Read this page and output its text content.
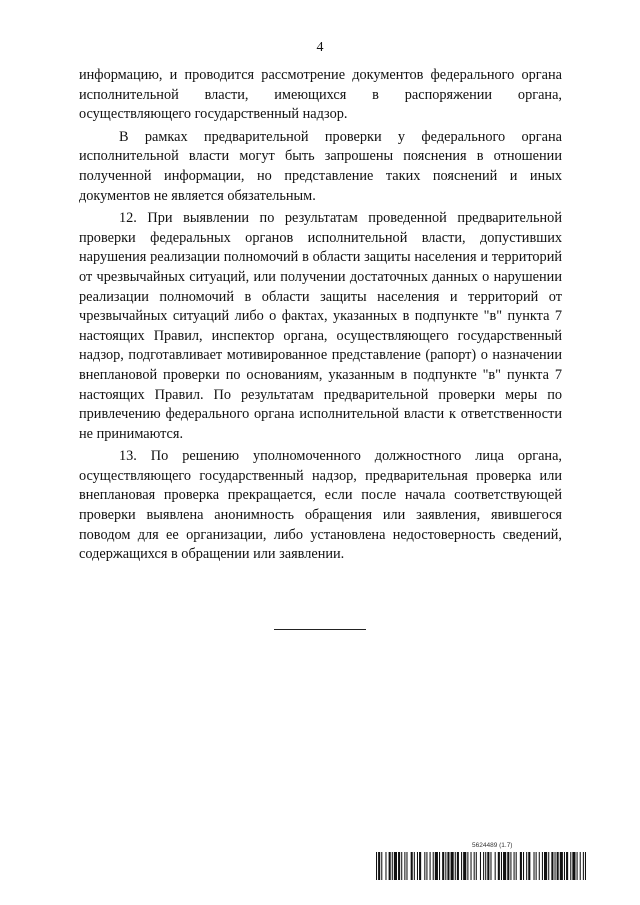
4

информацию, и проводится рассмотрение документов федерального органа исполнительной власти, имеющихся в распоряжении органа, осуществляющего государственный надзор.

В рамках предварительной проверки у федерального органа исполнительной власти могут быть запрошены пояснения в отношении полученной информации, но представление таких пояснений и иных документов не является обязательным.

12. При выявлении по результатам проведенной предварительной проверки федеральных органов исполнительной власти, допустивших нарушения реализации полномочий в области защиты населения и территорий от чрезвычайных ситуаций, или получении достаточных данных о нарушении реализации полномочий в области защиты населения и территорий от чрезвычайных ситуаций либо о фактах, указанных в подпункте "в" пункта 7 настоящих Правил, инспектор органа, осуществляющего государственный надзор, подготавливает мотивированное представление (рапорт) о назначении внеплановой проверки по основаниям, указанным в подпункте "в" пункта 7 настоящих Правил. По результатам предварительной проверки меры по привлечению федерального органа исполнительной власти к ответственности не принимаются.

13. По решению уполномоченного должностного лица органа, осуществляющего государственный надзор, предварительная проверка или внеплановая проверка прекращается, если после начала соответствующей проверки выявлена анонимность обращения или заявления, явившегося поводом для ее организации, либо установлена недостоверность сведений, содержащихся в обращении или заявлении.

5624489 (1.7)
